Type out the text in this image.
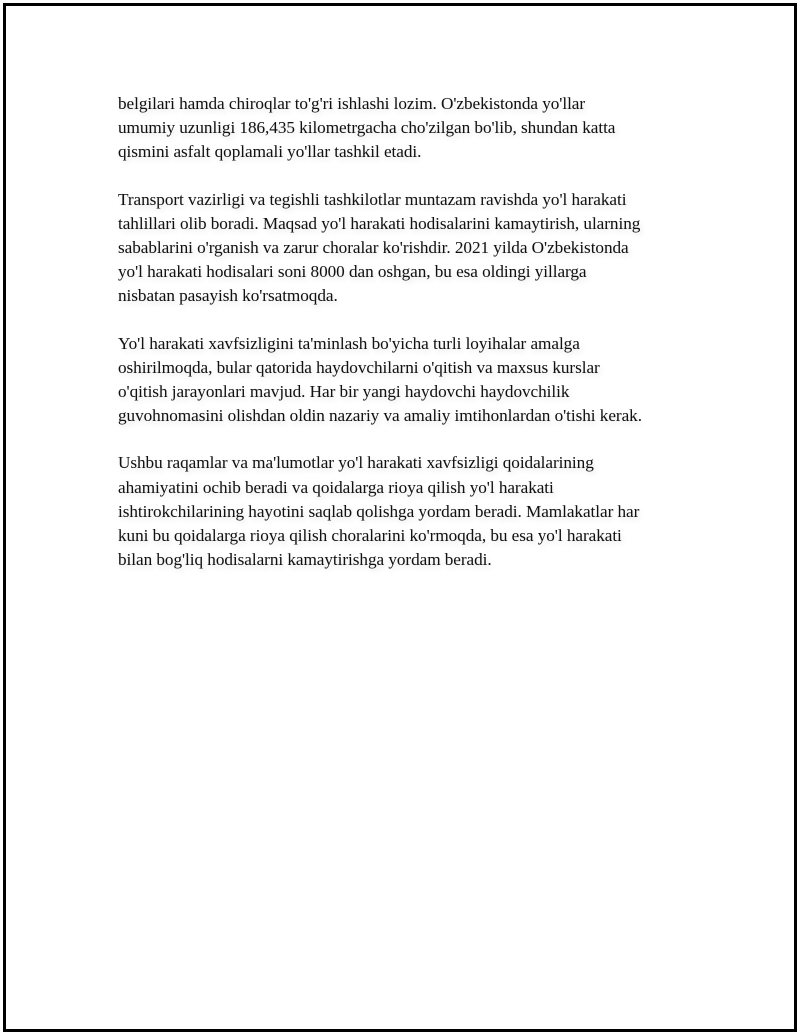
belgilari hamda chiroqlar to'g'ri ishlashi lozim. O'zbekistonda yo'llar
umumiy uzunligi 186,435 kilometrgacha cho'zilgan bo'lib, shundan katta
qismini asfalt qoplamali yo'llar tashkil etadi.

Transport vazirligi va tegishli tashkilotlar muntazam ravishda yo'l harakati
tahlillari olib boradi. Maqsad yo'l harakati hodisalarini kamaytirish, ularning
sabablarini o'rganish va zarur choralar ko'rishdir. 2021 yilda O'zbekistonda
yo'l harakati hodisalari soni 8000 dan oshgan, bu esa oldingi yillarga
nisbatan pasayish ko'rsatmoqda.

Yo'l harakati xavfsizligini ta'minlash bo'yicha turli loyihalar amalga
oshirilmoqda, bular qatorida haydovchilarni o'qitish va maxsus kurslar
o'qitish jarayonlari mavjud. Har bir yangi haydovchi haydovchilik
guvohnomasini olishdan oldin nazariy va amaliy imtihonlardan o'tishi kerak.

Ushbu raqamlar va ma'lumotlar yo'l harakati xavfsizligi qoidalarining
ahamiyatini ochib beradi va qoidalarga rioya qilish yo'l harakati
ishtirokchilarining hayotini saqlab qolishga yordam beradi. Mamlakatlar har
kuni bu qoidalarga rioya qilish choralarini ko'rmoqda, bu esa yo'l harakati
bilan bog'liq hodisalarni kamaytirishga yordam beradi.
